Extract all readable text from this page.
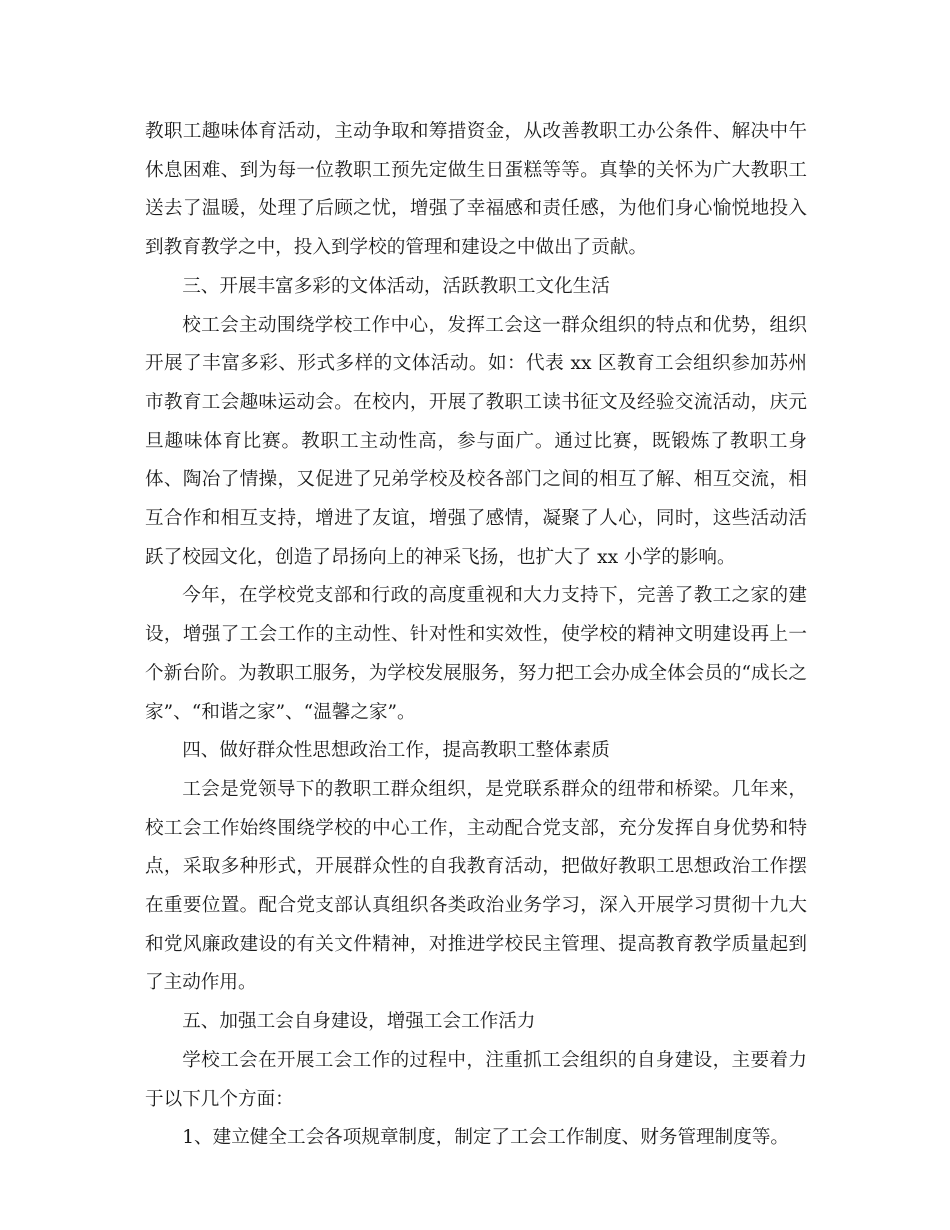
教职工趣味体育活动，主动争取和筹措资金，从改善教职工办公条件、解决中午休息困难、到为每一位教职工预先定做生日蛋糕等等。真挚的关怀为广大教职工送去了温暖，处理了后顾之忧，增强了幸福感和责任感，为他们身心愉悦地投入到教育教学之中，投入到学校的管理和建设之中做出了贡献。

三、开展丰富多彩的文体活动，活跃教职工文化生活

校工会主动围绕学校工作中心，发挥工会这一群众组织的特点和优势，组织开展了丰富多彩、形式多样的文体活动。如：代表 xx 区教育工会组织参加苏州市教育工会趣味运动会。在校内，开展了教职工读书征文及经验交流活动，庆元旦趣味体育比赛。教职工主动性高，参与面广。通过比赛，既锻炼了教职工身体、陶冶了情操，又促进了兄弟学校及校各部门之间的相互了解、相互交流，相互合作和相互支持，增进了友谊，增强了感情，凝聚了人心，同时，这些活动活跃了校园文化，创造了昂扬向上的神采飞扬，也扩大了 xx 小学的影响。

今年，在学校党支部和行政的高度重视和大力支持下，完善了教工之家的建设，增强了工会工作的主动性、针对性和实效性，使学校的精神文明建设再上一个新台阶。为教职工服务，为学校发展服务，努力把工会办成全体会员的“成长之家”、“和谐之家”、“温馨之家”。

四、做好群众性思想政治工作，提高教职工整体素质

工会是党领导下的教职工群众组织，是党联系群众的纽带和桥梁。几年来，校工会工作始终围绕学校的中心工作，主动配合党支部，充分发挥自身优势和特点，采取多种形式，开展群众性的自我教育活动，把做好教职工思想政治工作摆在重要位置。配合党支部认真组织各类政治业务学习，深入开展学习贯彻十九大和党风廉政建设的有关文件精神，对推进学校民主管理、提高教育教学质量起到了主动作用。

五、加强工会自身建设，增强工会工作活力

学校工会在开展工会工作的过程中，注重抓工会组织的自身建设，主要着力于以下几个方面：

1、建立健全工会各项规章制度，制定了工会工作制度、财务管理制度等。
